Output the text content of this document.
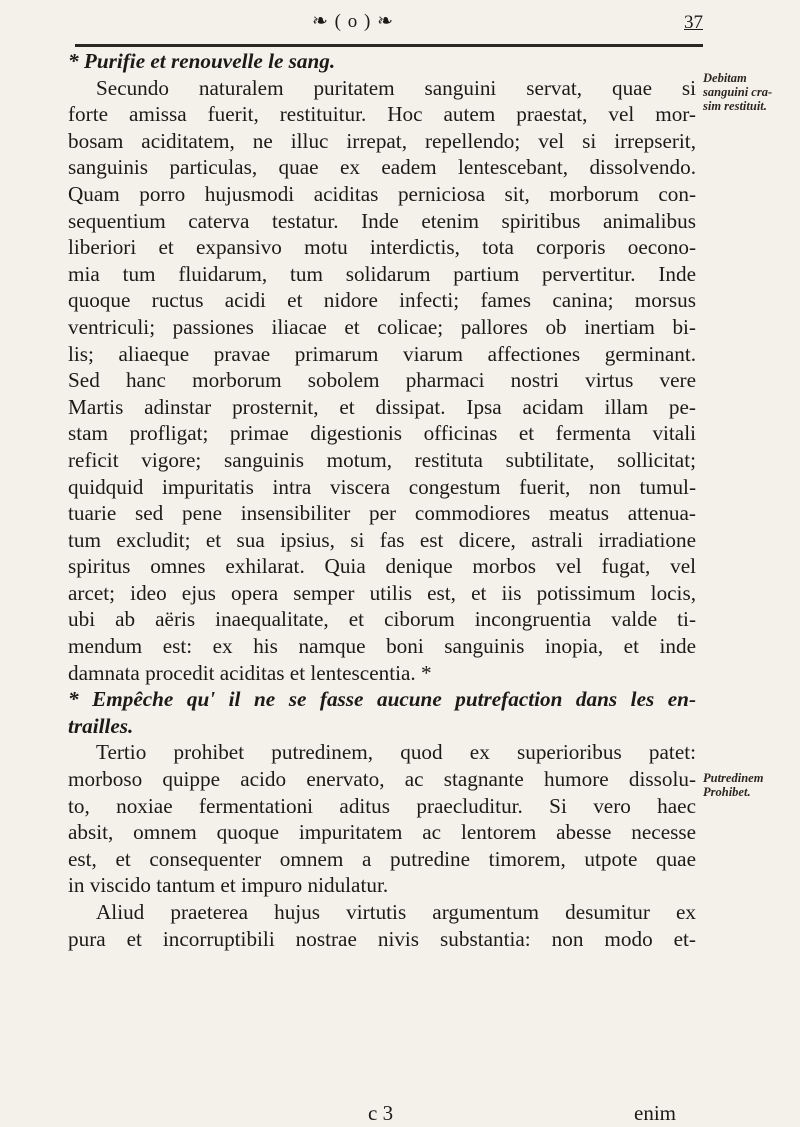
❧ ( o ) ❧	37
* Purifie et renouvelle le sang.
Secundo naturalem puritatem sanguini servat, quae si
forte amissa fuerit, restituitur. Hoc autem praestat, vel mor-
bosam aciditatem, ne illuc irrepat, repellendo; vel si irrepserit,
sanguinis particulas, quae ex eadem lentescebant, dissolvendo.
Quam porro hujusmodi aciditas perniciosa sit, morborum con-
sequentium caterva testatur. Inde etenim spiritibus animalibus
liberiori et expansivo motu interdictis, tota corporis oecono-
mia tum fluidarum, tum solidarum partium pervertitur. Inde
quoque ructus acidi et nidore infecti; fames canina; morsus
ventriculi; passiones iliacae et colicae; pallores ob inertiam bi-
lis; aliaeque pravae primarum viarum affectiones germinant.
Sed hanc morborum sobolem pharmaci nostri virtus vere
Martis adinstar prosternit, et dissipat. Ipsa acidam illam pe-
stam profligat; primae digestionis officinas et fermenta vitali
reficit vigore; sanguinis motum, restituta subtilitate, sollicitat;
quidquid impuritatis intra viscera congestum fuerit, non tumul-
tuarie sed pene insensibiliter per commodiores meatus attenua-
tum excludit; et sua ipsius, si fas est dicere, astrali irradiatione
spiritus omnes exhilarat. Quia denique morbos vel fugat, vel
arcet; ideo ejus opera semper utilis est, et iis potissimum locis,
ubi ab aëris inaequalitate, et ciborum incongruentia valde ti-
mendum est: ex his namque boni sanguinis inopia, et inde
damnata procedit aciditas et lentescentia. *
* Empêche qu' il ne se fasse aucune putrefaction dans les en-
trailles.
Tertio prohibet putredinem, quod ex superioribus patet:
morboso quippe acido enervato, ac stagnante humore dissolu-
to, noxiae fermentationi aditus praecluditur. Si vero haec
absit, omnem quoque impuritatem ac lentorem abesse necesse
est, et consequenter omnem a putredine timorem, utpote quae
in viscido tantum et impuro nidulatur.
Aliud praeterea hujus virtutis argumentum desumitur ex
pura et incorruptibili nostrae nivis substantia: non modo et-
Debitam
sanguini cra-
sim restituit.
Putredinem
Prohibet.
c 3	enim
